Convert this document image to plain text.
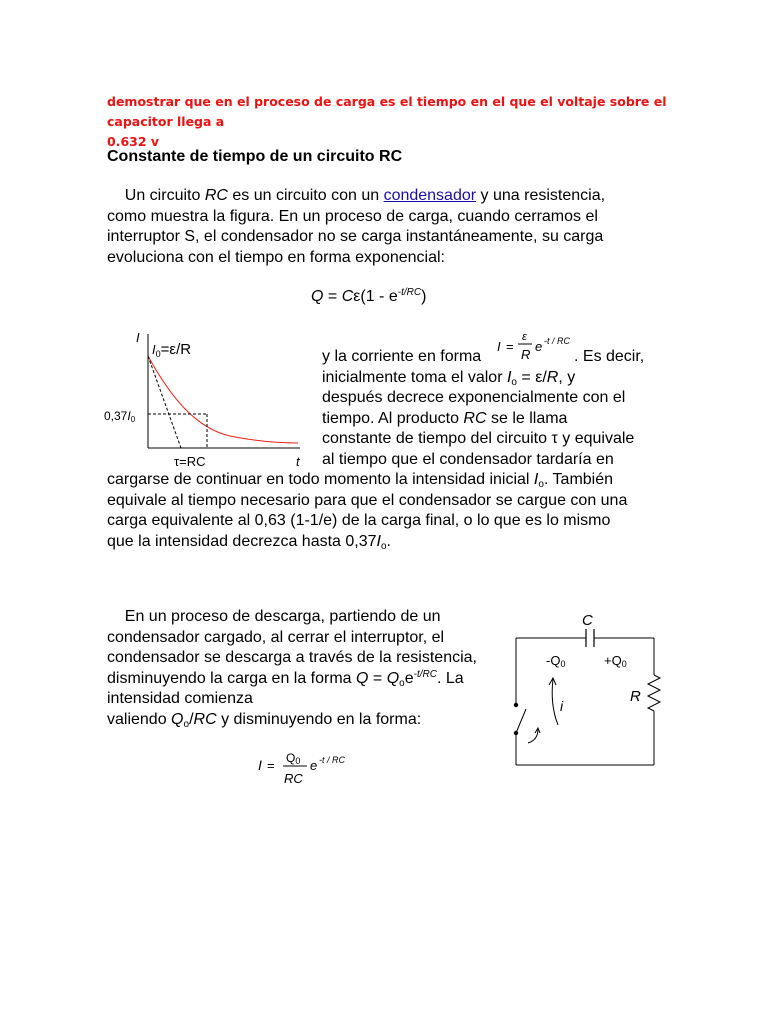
demostrar que en el proceso de carga es el tiempo en el que el voltaje sobre el capacitor llega a
0.632 v
Constante de tiempo de un circuito RC
Un circuito RC es un circuito con un condensador y una resistencia,
como muestra la figura. En un proceso de carga, cuando cerramos el
interruptor S, el condensador no se carga instantáneamente, su carga
evoluciona con el tiempo en forma exponencial:
$Q = C\varepsilon(1 - e^{-t/RC})$
I
$I_0=\varepsilon/R$
0,37I0
τ=RC	t
I =
ε
R
e -t / RC
y la corriente en forma	. Es decir,
inicialmente toma el valor $I_o = \varepsilon/R$, y
después decrece exponencialmente con el
tiempo. Al producto RC se le llama
constante de tiempo del circuito τ y equivale
al tiempo que el condensador tardaría en
cargarse de continuar en todo momento la intensidad inicial $I_o$. También
equivale al tiempo necesario para que el condensador se cargue con una
carga equivalente al 0,63 (1-1/e) de la carga final, o lo que es lo mismo
que la intensidad decrezca hasta $0,37I_o$.
En un proceso de descarga, partiendo de un
condensador cargado, al cerrar el interruptor, el
condensador se descarga a través de la resistencia,
disminuyendo la carga en la forma $Q = Q_oe^{-t/RC}$. La
intensidad comienza
valiendo $Q_o/RC$ y disminuyendo en la forma:
C
-Q0	+Q0
R
i
I = Q0
RC
e -t / RC
